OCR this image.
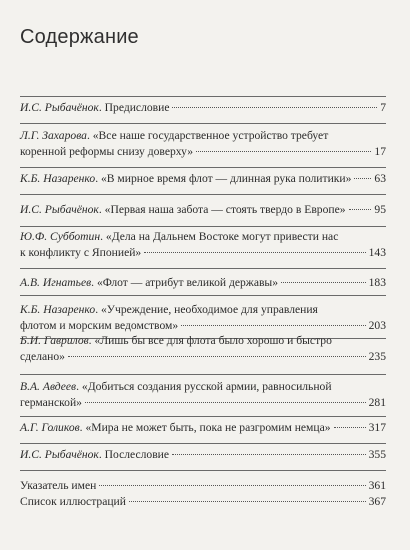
Содержание
И.С. Рыбачёнок. Предисловие	7
Л.Г. Захарова. «Все наше государственное устройство требует
коренной реформы снизу доверху»	17
К.Б. Назаренко. «В мирное время флот — длинная рука политики» 63
И.С. Рыбачёнок. «Первая наша забота — стоять твердо в Европе» 95
Ю.Ф. Субботин. «Дела на Дальнем Востоке могут привести нас
к конфликту с Японией»	143
А.В. Игнатьев. «Флот — атрибут великой державы»	183
К.Б. Назаренко. «Учреждение, необходимое для управления
флотом и морским ведомством»	203
Б.И. Гаврилов. «Лишь бы все для флота было хорошо и быстро
сделано»	235
В.А. Авдеев. «Добиться создания русской армии, равносильной
германской»	281
А.Г. Голиков. «Мира не может быть, пока не разгромим немца»	317
И.С. Рыбачёнок. Послесловие	355
Указатель имен	361
Список иллюстраций	367
